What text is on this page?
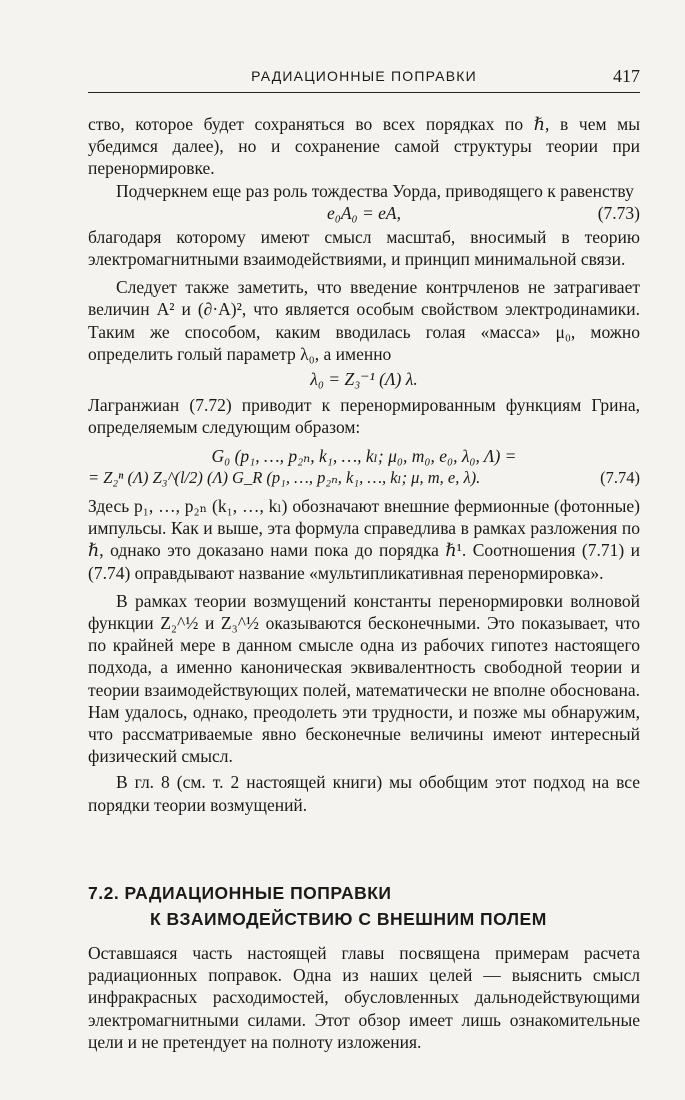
РАДИАЦИОННЫЕ ПОПРАВКИ	417

ство, которое будет сохраняться во всех порядках по ℏ, в чем мы убедимся далее), но и сохранение самой структуры теории при перенормировке.

Подчеркнем еще раз роль тождества Уорда, приводящего к равенству

e₀A₀ = eA,	(7.73)

благодаря которому имеют смысл масштаб, вносимый в теорию электромагнитными взаимодействиями, и принцип минимальной связи.

Следует также заметить, что введение контрчленов не затрагивает величин A² и (∂·A)², что является особым свойством электродинамики. Таким же способом, каким вводилась голая «масса» μ₀, можно определить голый параметр λ₀, а именно

λ₀ = Z₃⁻¹ (Λ) λ.

Лагранжиан (7.72) приводит к перенормированным функциям Грина, определяемым следующим образом:

G₀ (p₁, …, p₂ₙ, k₁, …, kₗ; μ₀, m₀, e₀, λ₀, Λ) =
= Z₂ⁿ (Λ) Z₃^(l/2) (Λ) G_R (p₁, …, p₂ₙ, k₁, …, kₗ; μ, m, e, λ).	(7.74)

Здесь p₁, …, p₂ₙ (k₁, …, kₗ) обозначают внешние фермионные (фотонные) импульсы. Как и выше, эта формула справедлива в рамках разложения по ℏ, однако это доказано нами пока до порядка ℏ¹. Соотношения (7.71) и (7.74) оправдывают название «мультипликативная перенормировка».

В рамках теории возмущений константы перенормировки волновой функции Z₂^½ и Z₃^½ оказываются бесконечными. Это показывает, что по крайней мере в данном смысле одна из рабочих гипотез настоящего подхода, а именно каноническая эквивалентность свободной теории и теории взаимодействующих полей, математически не вполне обоснована. Нам удалось, однако, преодолеть эти трудности, и позже мы обнаружим, что рассматриваемые явно бесконечные величины имеют интересный физический смысл.

В гл. 8 (см. т. 2 настоящей книги) мы обобщим этот подход на все порядки теории возмущений.

7.2. РАДИАЦИОННЫЕ ПОПРАВКИ
К ВЗАИМОДЕЙСТВИЮ С ВНЕШНИМ ПОЛЕМ

Оставшаяся часть настоящей главы посвящена примерам расчета радиационных поправок. Одна из наших целей — выяснить смысл инфракрасных расходимостей, обусловленных дальнодействующими электромагнитными силами. Этот обзор имеет лишь ознакомительные цели и не претендует на полноту изложения.
